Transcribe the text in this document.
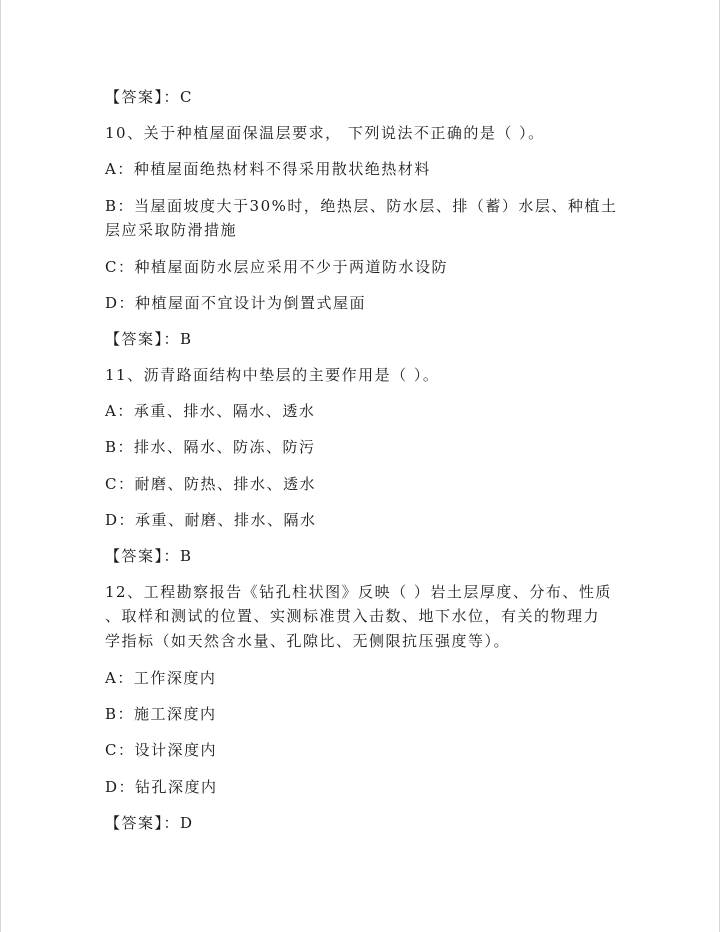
【答案】：C
10、关于种植屋面保温层要求， 下列说法不正确的是（ ）。
A：种植屋面绝热材料不得采用散状绝热材料
B：当屋面坡度大于30%时，绝热层、防水层、排（蓄）水层、种植土
层应采取防滑措施
C：种植屋面防水层应采用不少于两道防水设防
D：种植屋面不宜设计为倒置式屋面
【答案】：B
11、沥青路面结构中垫层的主要作用是（ ）。
A：承重、排水、隔水、透水
B：排水、隔水、防冻、防污
C：耐磨、防热、排水、透水
D：承重、耐磨、排水、隔水
【答案】：B
12、工程勘察报告《钻孔柱状图》反映（ ）岩土层厚度、分布、性质
、取样和测试的位置、实测标准贯入击数、地下水位，有关的物理力
学指标（如天然含水量、孔隙比、无侧限抗压强度等）。
A：工作深度内
B：施工深度内
C：设计深度内
D：钻孔深度内
【答案】：D
